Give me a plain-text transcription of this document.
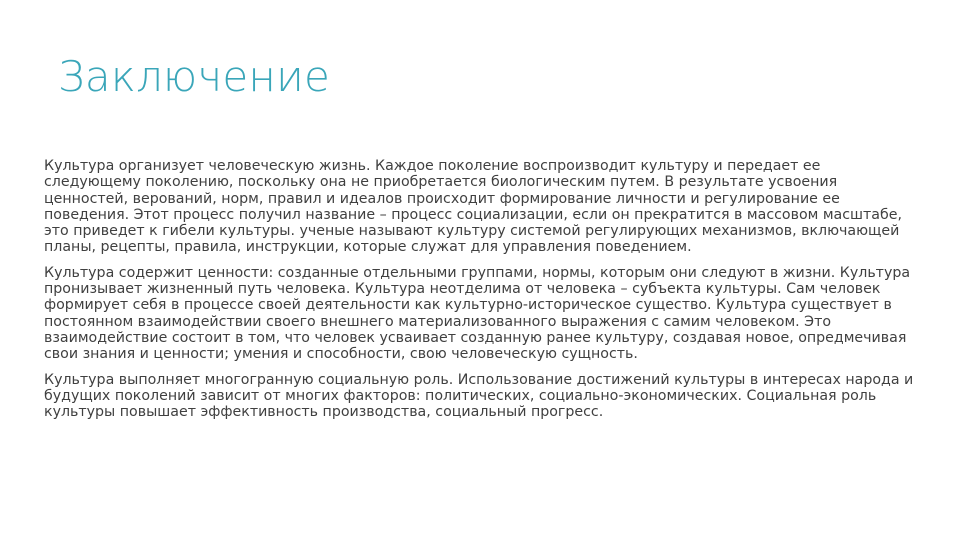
Заключение

Культура организует человеческую жизнь. Каждое поколение воспроизводит культуру и передает ее следующему поколению, поскольку она не приобретается биологическим путем. В результате усвоения ценностей, верований, норм, правил и идеалов происходит формирование личности и регулирование ее поведения. Этот процесс получил название – процесс социализации, если он прекратится в массовом масштабе, это приведет к гибели культуры. ученые называют культуру системой регулирующих механизмов, включающей планы, рецепты, правила, инструкции, которые служат для управления поведением.

Культура содержит ценности: созданные отдельными группами, нормы, которым они следуют в жизни. Культура пронизывает жизненный путь человека. Культура неотделима от человека – субъекта культуры. Сам человек формирует себя в процессе своей деятельности как культурно-историческое существо. Культура существует в постоянном взаимодействии своего внешнего материализованного выражения с самим человеком. Это взаимодействие состоит в том, что человек усваивает созданную ранее культуру, создавая новое, опредмечивая свои знания и ценности; умения и способности, свою человеческую сущность.

Культура выполняет многогранную социальную роль. Использование достижений культуры в интересах народа и будущих поколений зависит от многих факторов: политических, социально-экономических. Социальная роль культуры повышает эффективность производства, социальный прогресс.
